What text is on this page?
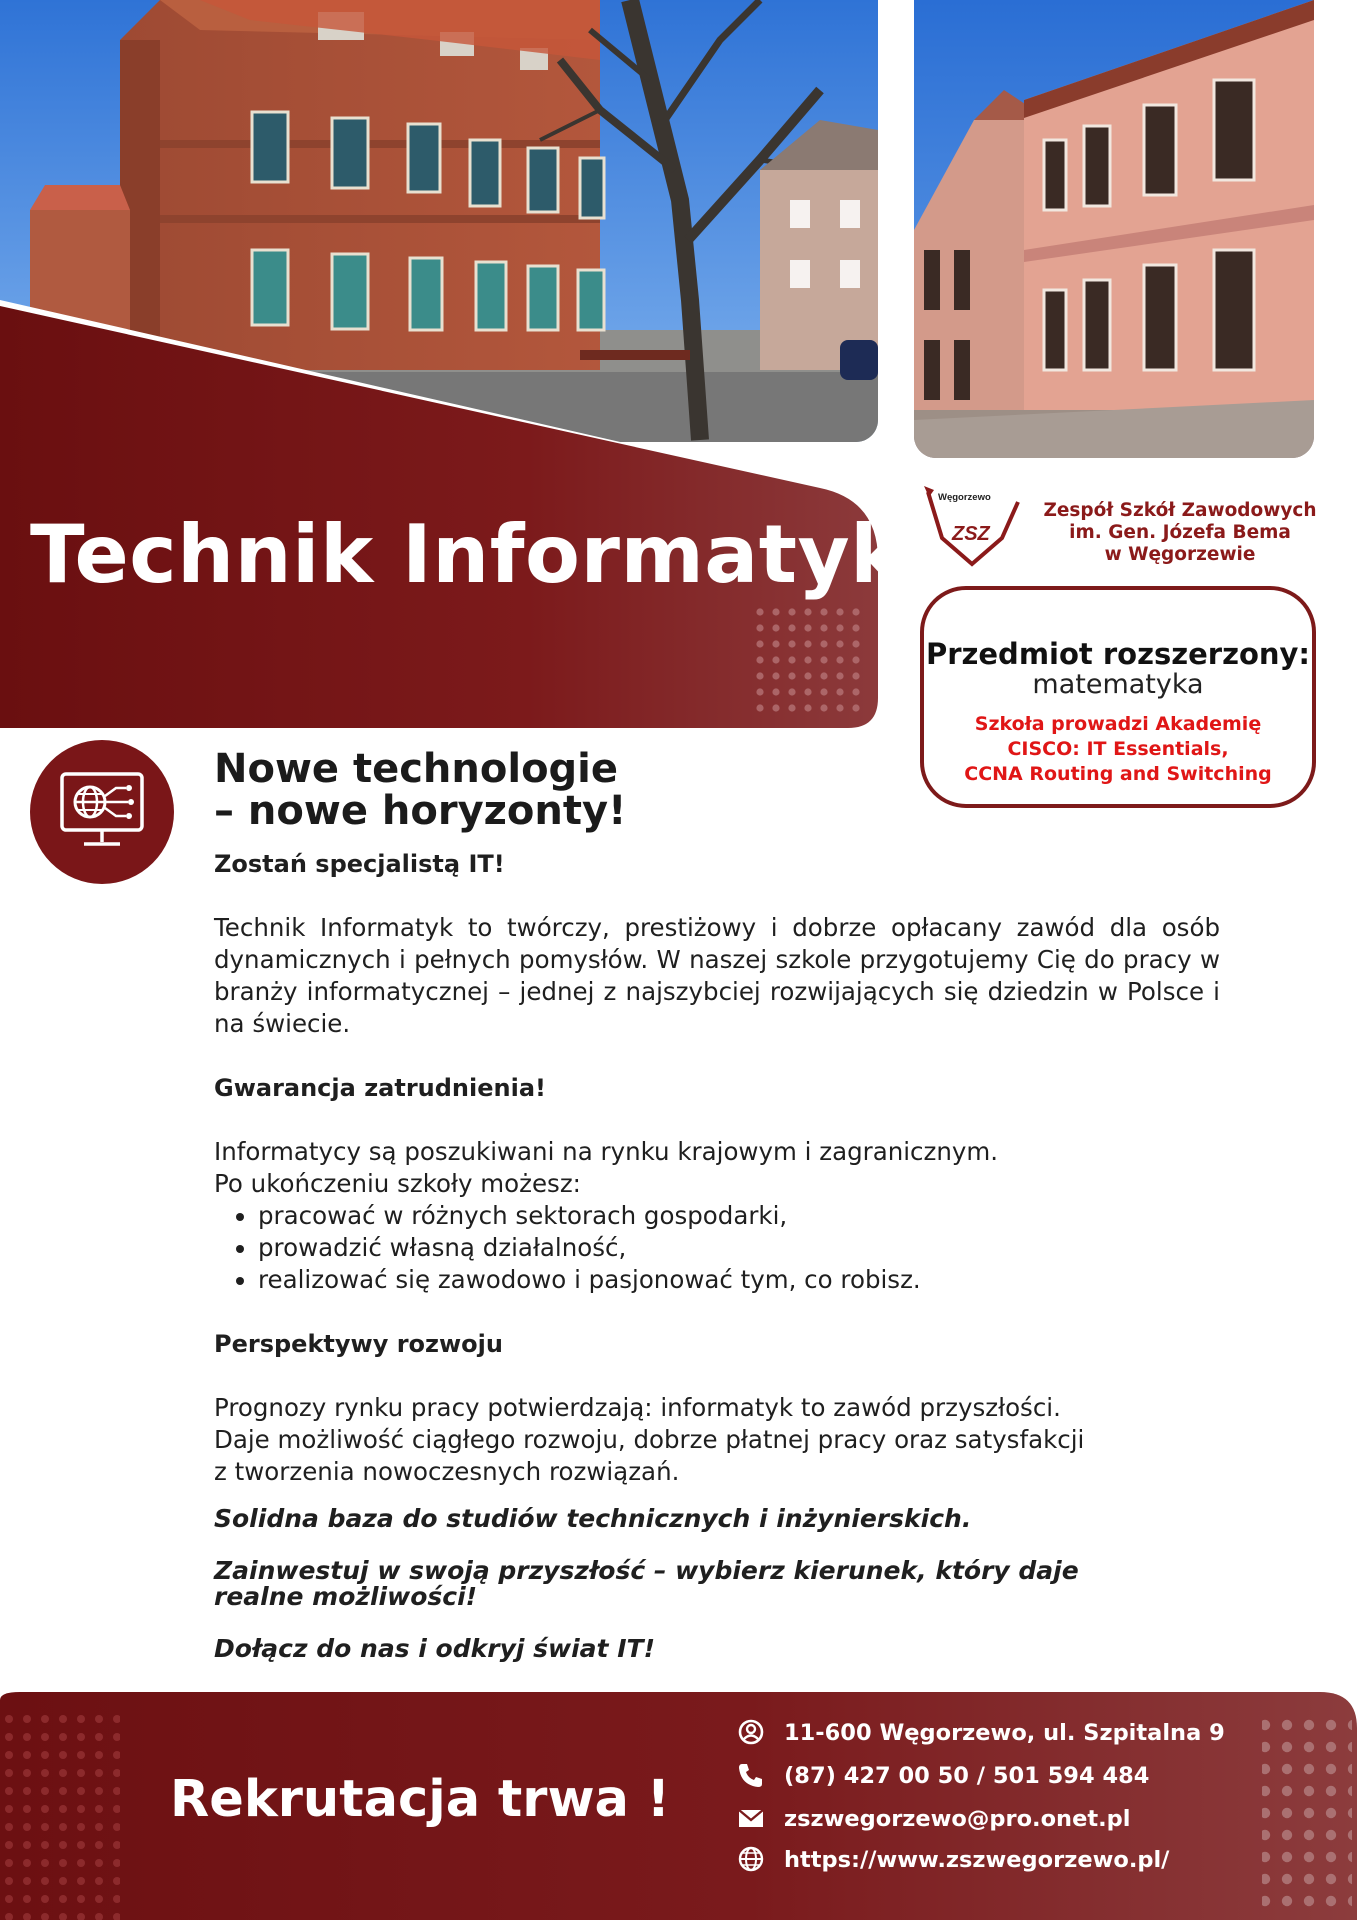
Technik Informatyk
Węgorzewo
ZSZ
Zespół Szkół Zawodowych
im. Gen. Józefa Bema
w Węgorzewie
Przedmiot rozszerzony:
matematyka
Szkoła prowadzi Akademię
CISCO: IT Essentials,
CCNA Routing and Switching
Nowe technologie
– nowe horyzonty!

Zostań specjalistą IT!

Technik Informatyk to twórczy, prestiżowy i dobrze opłacany zawód dla osób dynamicznych i pełnych pomysłów. W naszej szkole przygotujemy Cię do pracy w branży informatycznej – jednej z najszybciej rozwijających się dziedzin w Polsce i na świecie.

Gwarancja zatrudnienia!

Informatycy są poszukiwani na rynku krajowym i zagranicznym.

Po ukończeniu szkoły możesz:

• pracować w różnych sektorach gospodarki,
• prowadzić własną działalność,
• realizować się zawodowo i pasjonować tym, co robisz.

Perspektywy rozwoju

Prognozy rynku pracy potwierdzają: informatyk to zawód przyszłości.

Daje możliwość ciągłego rozwoju, dobrze płatnej pracy oraz satysfakcji

z tworzenia nowoczesnych rozwiązań.

Solidna baza do studiów technicznych i inżynierskich.

Zainwestuj w swoją przyszłość – wybierz kierunek, który daje realne możliwości!

Dołącz do nas i odkryj świat IT!

Rekrutacja trwa !
11-600 Węgorzewo, ul. Szpitalna 9
(87) 427 00 50 / 501 594 484
zszwegorzewo@pro.onet.pl
https://www.zszwegorzewo.pl/
